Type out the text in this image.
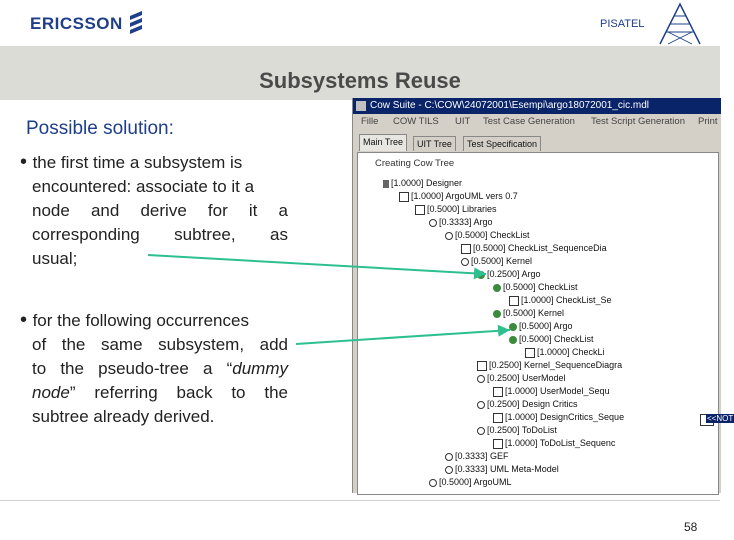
ERICSSON	PISATEL
Subsystems Reuse
Possible solution:
• the first time a subsystem is
encountered: associate to it a
node and derive for it a
corresponding subtree, as
usual;
• for the following occurrences
of the same subsystem, add
to the pseudo-tree a “dummy
node” referring back to the
subtree already derived.
Cow Suite - C:\COW\24072001\Esempi\argo18072001_cic.mdl
Fille COW TILS UIT Test Case Generation Test Script Generation Print
Main Tree	UIT Tree	Test Specification
Creating Cow Tree
[1.0000] Designer
[1.0000] ArgoUML vers 0.7
[0.5000] Libraries
[0.3333] Argo
[0.5000] CheckList
[0.5000] CheckList_SequenceDia
[0.5000] Kernel
[0.2500] Argo
[0.5000] CheckList
[1.0000] CheckList_Se
[0.5000] Kernel
[0.5000] Argo
[0.5000] CheckList
[1.0000] CheckLi
[0.2500] Kernel_SequenceDiagra
[0.2500] UserModel
[1.0000] UserModel_Sequ
[0.2500] Design Critics
[1.0000] DesignCritics_Seque
[0.2500] ToDoList
[1.0000] ToDoList_Sequenc
[0.3333] GEF
[0.3333] UML Meta-Model
[0.5000] ArgoUML
<<NOT
58
